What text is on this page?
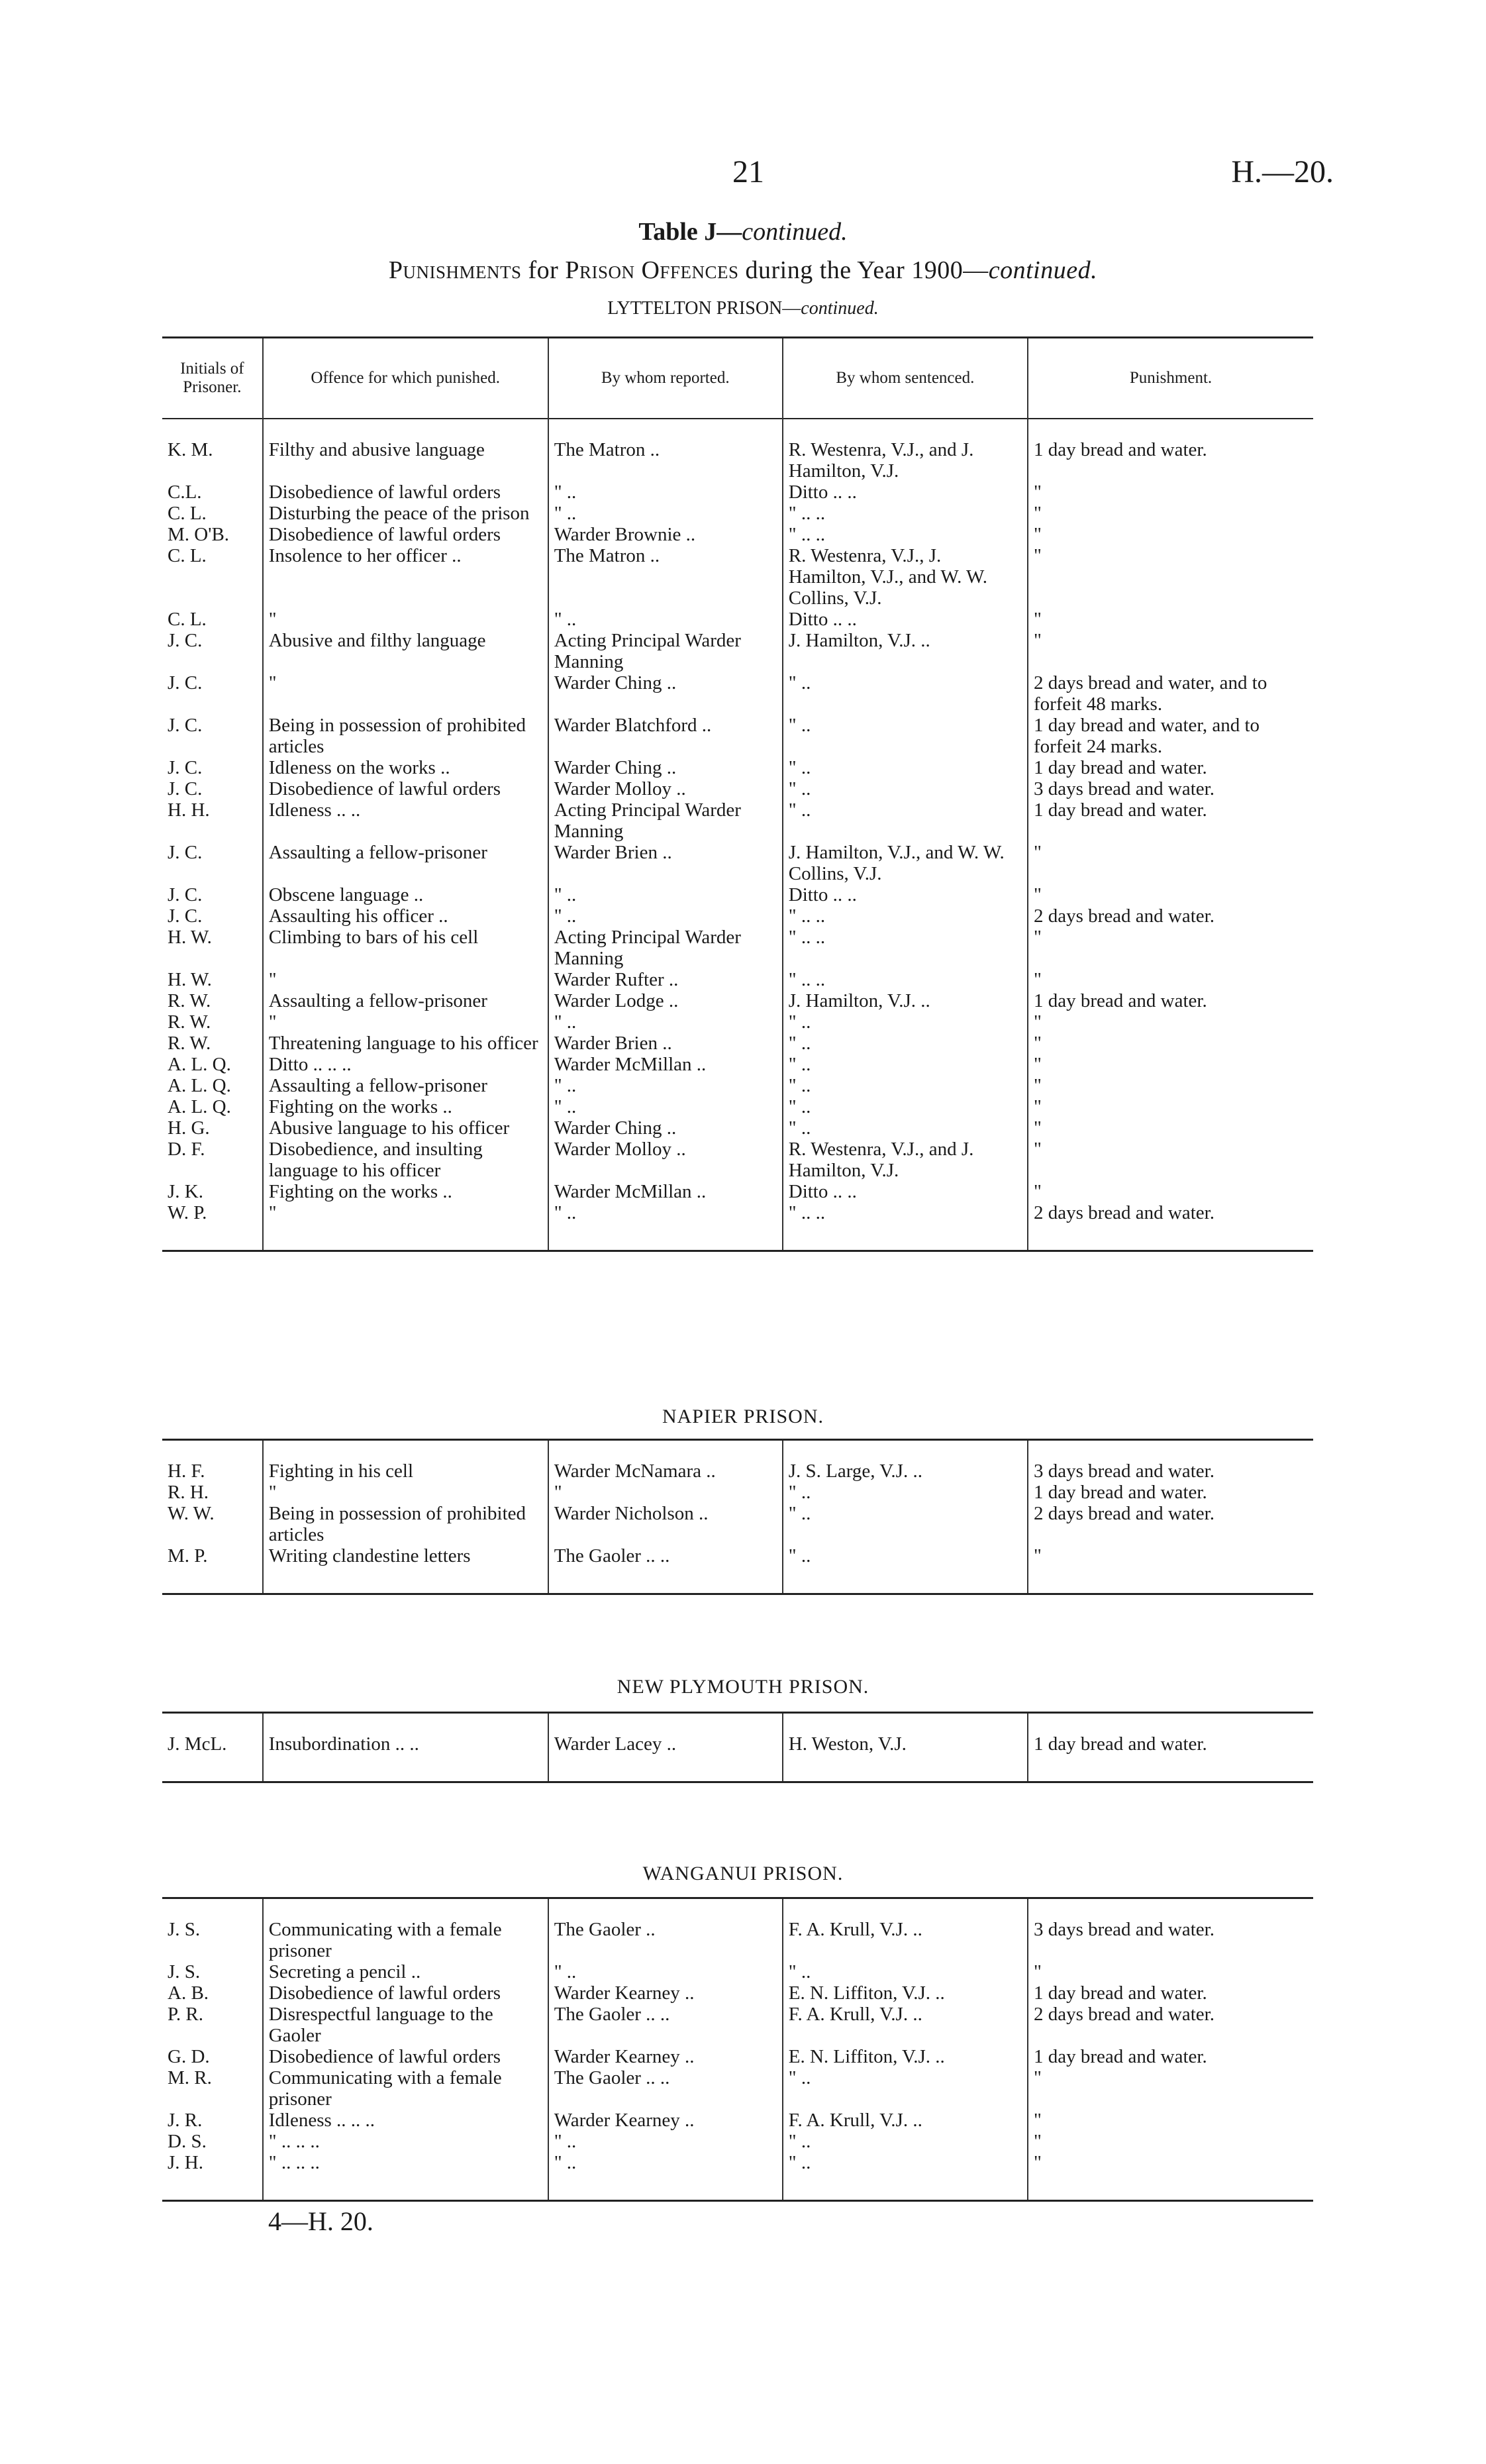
21	H.—20.
Table J—continued.
Punishments for Prison Offences during the Year 1900—continued.
LYTTELTON PRISON—continued.
Initials of Prisoner.	Offence for which punished.	By whom reported.	By whom sentenced.	Punishment.

K. M.	Filthy and abusive language	The Matron ..	R. Westenra, V.J., and J. Hamilton, V.J.	1 day bread and water.
C.L.	Disobedience of lawful orders	" ..	Ditto .. ..	"
C. L.	Disturbing the peace of the prison	" ..	" .. ..	"
M. O'B.	Disobedience of lawful orders	Warder Brownie ..	" .. ..	"
C. L.	Insolence to her officer ..	The Matron ..	R. Westenra, V.J., J. Hamilton, V.J., and W. W. Collins, V.J.	"
C. L.	"	" ..	Ditto .. ..	"
J. C.	Abusive and filthy language	Acting Principal Warder Manning	J. Hamilton, V.J. ..	"
J. C.	"	Warder Ching ..	" ..	2 days bread and water, and to forfeit 48 marks.
J. C.	Being in possession of prohibited articles	Warder Blatchford ..	" ..	1 day bread and water, and to forfeit 24 marks.
J. C.	Idleness on the works ..	Warder Ching ..	" ..	1 day bread and water.
J. C.	Disobedience of lawful orders	Warder Molloy ..	" ..	3 days bread and water.
H. H.	Idleness .. ..	Acting Principal Warder Manning	" ..	1 day bread and water.
J. C.	Assaulting a fellow-prisoner	Warder Brien ..	J. Hamilton, V.J., and W. W. Collins, V.J.	"
J. C.	Obscene language ..	" ..	Ditto .. ..	"
J. C.	Assaulting his officer ..	" ..	" .. ..	2 days bread and water.
H. W.	Climbing to bars of his cell	Acting Principal Warder Manning	" .. ..	"
H. W.	"	Warder Rufter ..	" .. ..	"
R. W.	Assaulting a fellow-prisoner	Warder Lodge ..	J. Hamilton, V.J. ..	1 day bread and water.
R. W.	"	" ..	" ..	"
R. W.	Threatening language to his officer	Warder Brien ..	" ..	"
A. L. Q.	Ditto .. .. ..	Warder McMillan ..	" ..	"
A. L. Q.	Assaulting a fellow-prisoner	" ..	" ..	"
A. L. Q.	Fighting on the works ..	" ..	" ..	"
H. G.	Abusive language to his officer	Warder Ching ..	" ..	"
D. F.	Disobedience, and insulting language to his officer	Warder Molloy ..	R. Westenra, V.J., and J. Hamilton, V.J.	"
J. K.	Fighting on the works ..	Warder McMillan ..	Ditto .. ..	"
W. P.	"	" ..	" .. ..	2 days bread and water.

NAPIER PRISON.

H. F.	Fighting in his cell	Warder McNamara ..	J. S. Large, V.J. ..	3 days bread and water.
R. H.	"	"	" ..	1 day bread and water.
W. W.	Being in possession of prohibited articles	Warder Nicholson ..	" ..	2 days bread and water.
M. P.	Writing clandestine letters	The Gaoler .. ..	" ..	"

NEW PLYMOUTH PRISON.

J. McL.	Insubordination .. ..	Warder Lacey ..	H. Weston, V.J.	1 day bread and water.

WANGANUI PRISON.

J. S.	Communicating with a female prisoner	The Gaoler ..	F. A. Krull, V.J. ..	3 days bread and water.
J. S.	Secreting a pencil ..	" ..	" ..	"
A. B.	Disobedience of lawful orders	Warder Kearney ..	E. N. Liffiton, V.J. ..	1 day bread and water.
P. R.	Disrespectful language to the Gaoler	The Gaoler .. ..	F. A. Krull, V.J. ..	2 days bread and water.
G. D.	Disobedience of lawful orders	Warder Kearney ..	E. N. Liffiton, V.J. ..	1 day bread and water.
M. R.	Communicating with a female prisoner	The Gaoler .. ..	" ..	"
J. R.	Idleness .. .. ..	Warder Kearney ..	F. A. Krull, V.J. ..	"
D. S.	" .. .. ..	" ..	" ..	"
J. H.	" .. .. ..	" ..	" ..	"

4—H. 20.
